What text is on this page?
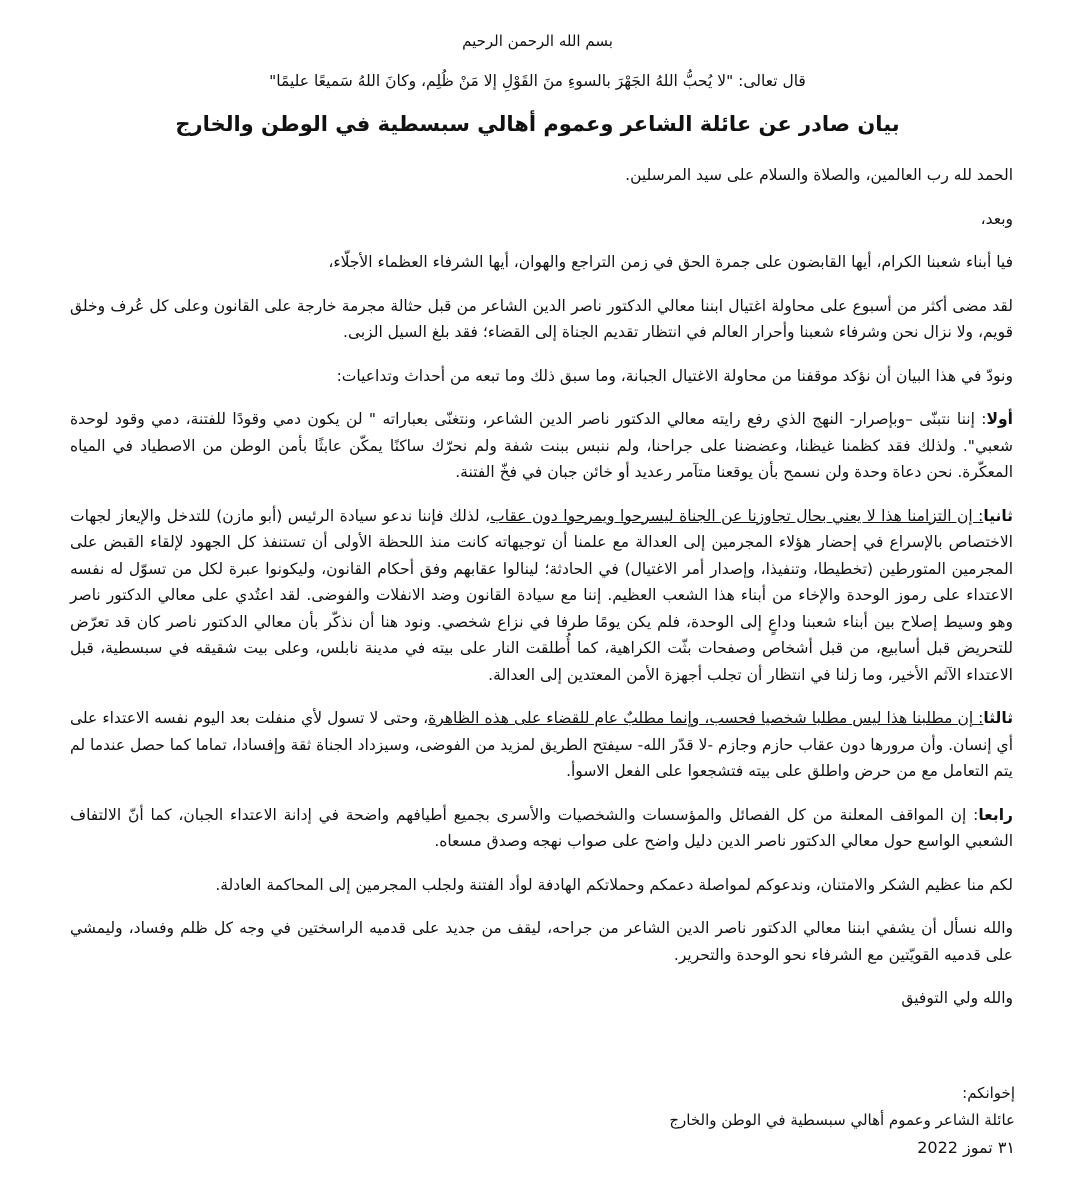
بسم الله الرحمن الرحيم
قال تعالى: "لا يُحبُّ اللهُ الجَهْرَ بالسوءِ منَ القَوْلِ إلا مَنْ ظُلِم، وكانَ اللهُ سَميعًا عليمًا"
بيان صادر عن عائلة الشاعر وعموم أهالي سبسطية في الوطن والخارج

الحمد لله رب العالمين، والصلاة والسلام على سيد المرسلين.

وبعد،

فيا أبناء شعبنا الكرام، أيها القابضون على جمرة الحق في زمن التراجع والهوان، أيها الشرفاء العظماء الأجلّاء،

لقد مضى أكثر من أسبوع على محاولة اغتيال ابننا معالي الدكتور ناصر الدين الشاعر من قبل حثالة مجرمة خارجة على القانون وعلى كل عُرف وخلق قويم، ولا نزال نحن وشرفاء شعبنا وأحرار العالم في انتظار تقديم الجناة إلى القضاء؛ فقد بلغ السيل الزبى.

ونودّ في هذا البيان أن نؤكد موقفنا من محاولة الاغتيال الجبانة، وما سبق ذلك وما تبعه من أحداث وتداعيات:

أولا: إننا نتبنّى –وبإصرار- النهج الذي رفع رايته معالي الدكتور ناصر الدين الشاعر، ونتغنّى بعباراته " لن يكون دمي وقودًا للفتنة، دمي وقود لوحدة شعبي". ولذلك فقد كظمنا غيظنا، وعضضنا على جراحنا، ولم ننبس ببنت شفة ولم نحرّك ساكنًا يمكّن عابثًا بأمن الوطن من الاصطياد في المياه المعكّرة. نحن دعاة وحدة ولن نسمح بأن يوقعنا متآمر رعديد أو خائن جبان في فخّ الفتنة.

ثانيا: إن التزامنا هذا لا يعني بحال تجاوزنا عن الجناة ليسرحوا ويمرحوا دون عقاب، لذلك فإننا ندعو سيادة الرئيس (أبو مازن) للتدخل والإيعاز لجهات الاختصاص بالإسراع في إحضار هؤلاء المجرمين إلى العدالة مع علمنا أن توجيهاته كانت منذ اللحظة الأولى أن تستنفذ كل الجهود لإلقاء القبض على المجرمين المتورطين (تخطيطا، وتنفيذا، وإصدار أمر الاغتيال) في الحادثة؛ لينالوا عقابهم وفق أحكام القانون، وليكونوا عبرة لكل من تسوّل له نفسه الاعتداء على رموز الوحدة والإخاء من أبناء هذا الشعب العظيم. إننا مع سيادة القانون وضد الانفلات والفوضى. لقد اعتُدي على معالي الدكتور ناصر وهو وسيط إصلاح بين أبناء شعبنا وداعٍ إلى الوحدة، فلم يكن يومًا طرفا في نزاع شخصي. ونود هنا أن نذكّر بأن معالي الدكتور ناصر كان قد تعرّض للتحريض قبل أسابيع، من قبل أشخاص وصفحات بثّت الكراهية، كما أُطلقت النار على بيته في مدينة نابلس، وعلى بيت شقيقه في سبسطية، قبل الاعتداء الآثم الأخير، وما زلنا في انتظار أن تجلب أجهزة الأمن المعتدين إلى العدالة.

ثالثا: إن مطلبنا هذا ليس مطلبا شخصيا فحسب، وإنما مطلبٌ عام للقضاء على هذه الظاهرة، وحتى لا تسول لأي منفلت بعد اليوم نفسه الاعتداء على أي إنسان. وأن مرورها دون عقاب حازم وجازم -لا قدّر الله- سيفتح الطريق لمزيد من الفوضى، وسيزداد الجناة ثقة وإفسادا، تماما كما حصل عندما لم يتم التعامل مع من حرض واطلق على بيته فتشجعوا على الفعل الاسوأ.

رابعا: إن المواقف المعلنة من كل الفصائل والمؤسسات والشخصيات والأسرى بجميع أطيافهم واضحة في إدانة الاعتداء الجبان، كما أنّ الالتفاف الشعبي الواسع حول معالي الدكتور ناصر الدين دليل واضح على صواب نهجه وصدق مسعاه.

لكم منا عظيم الشكر والامتنان، وندعوكم لمواصلة دعمكم وحملاتكم الهادفة لوأد الفتنة ولجلب المجرمين إلى المحاكمة العادلة.

والله نسأل أن يشفي ابننا معالي الدكتور ناصر الدين الشاعر من جراحه، ليقف من جديد على قدميه الراسختين في وجه كل ظلم وفساد، وليمشي على قدميه القويّتين مع الشرفاء نحو الوحدة والتحرير.

والله ولي التوفيق

إخوانكم:
عائلة الشاعر وعموم أهالي سبسطية في الوطن والخارج
٣١ تموز 2022
